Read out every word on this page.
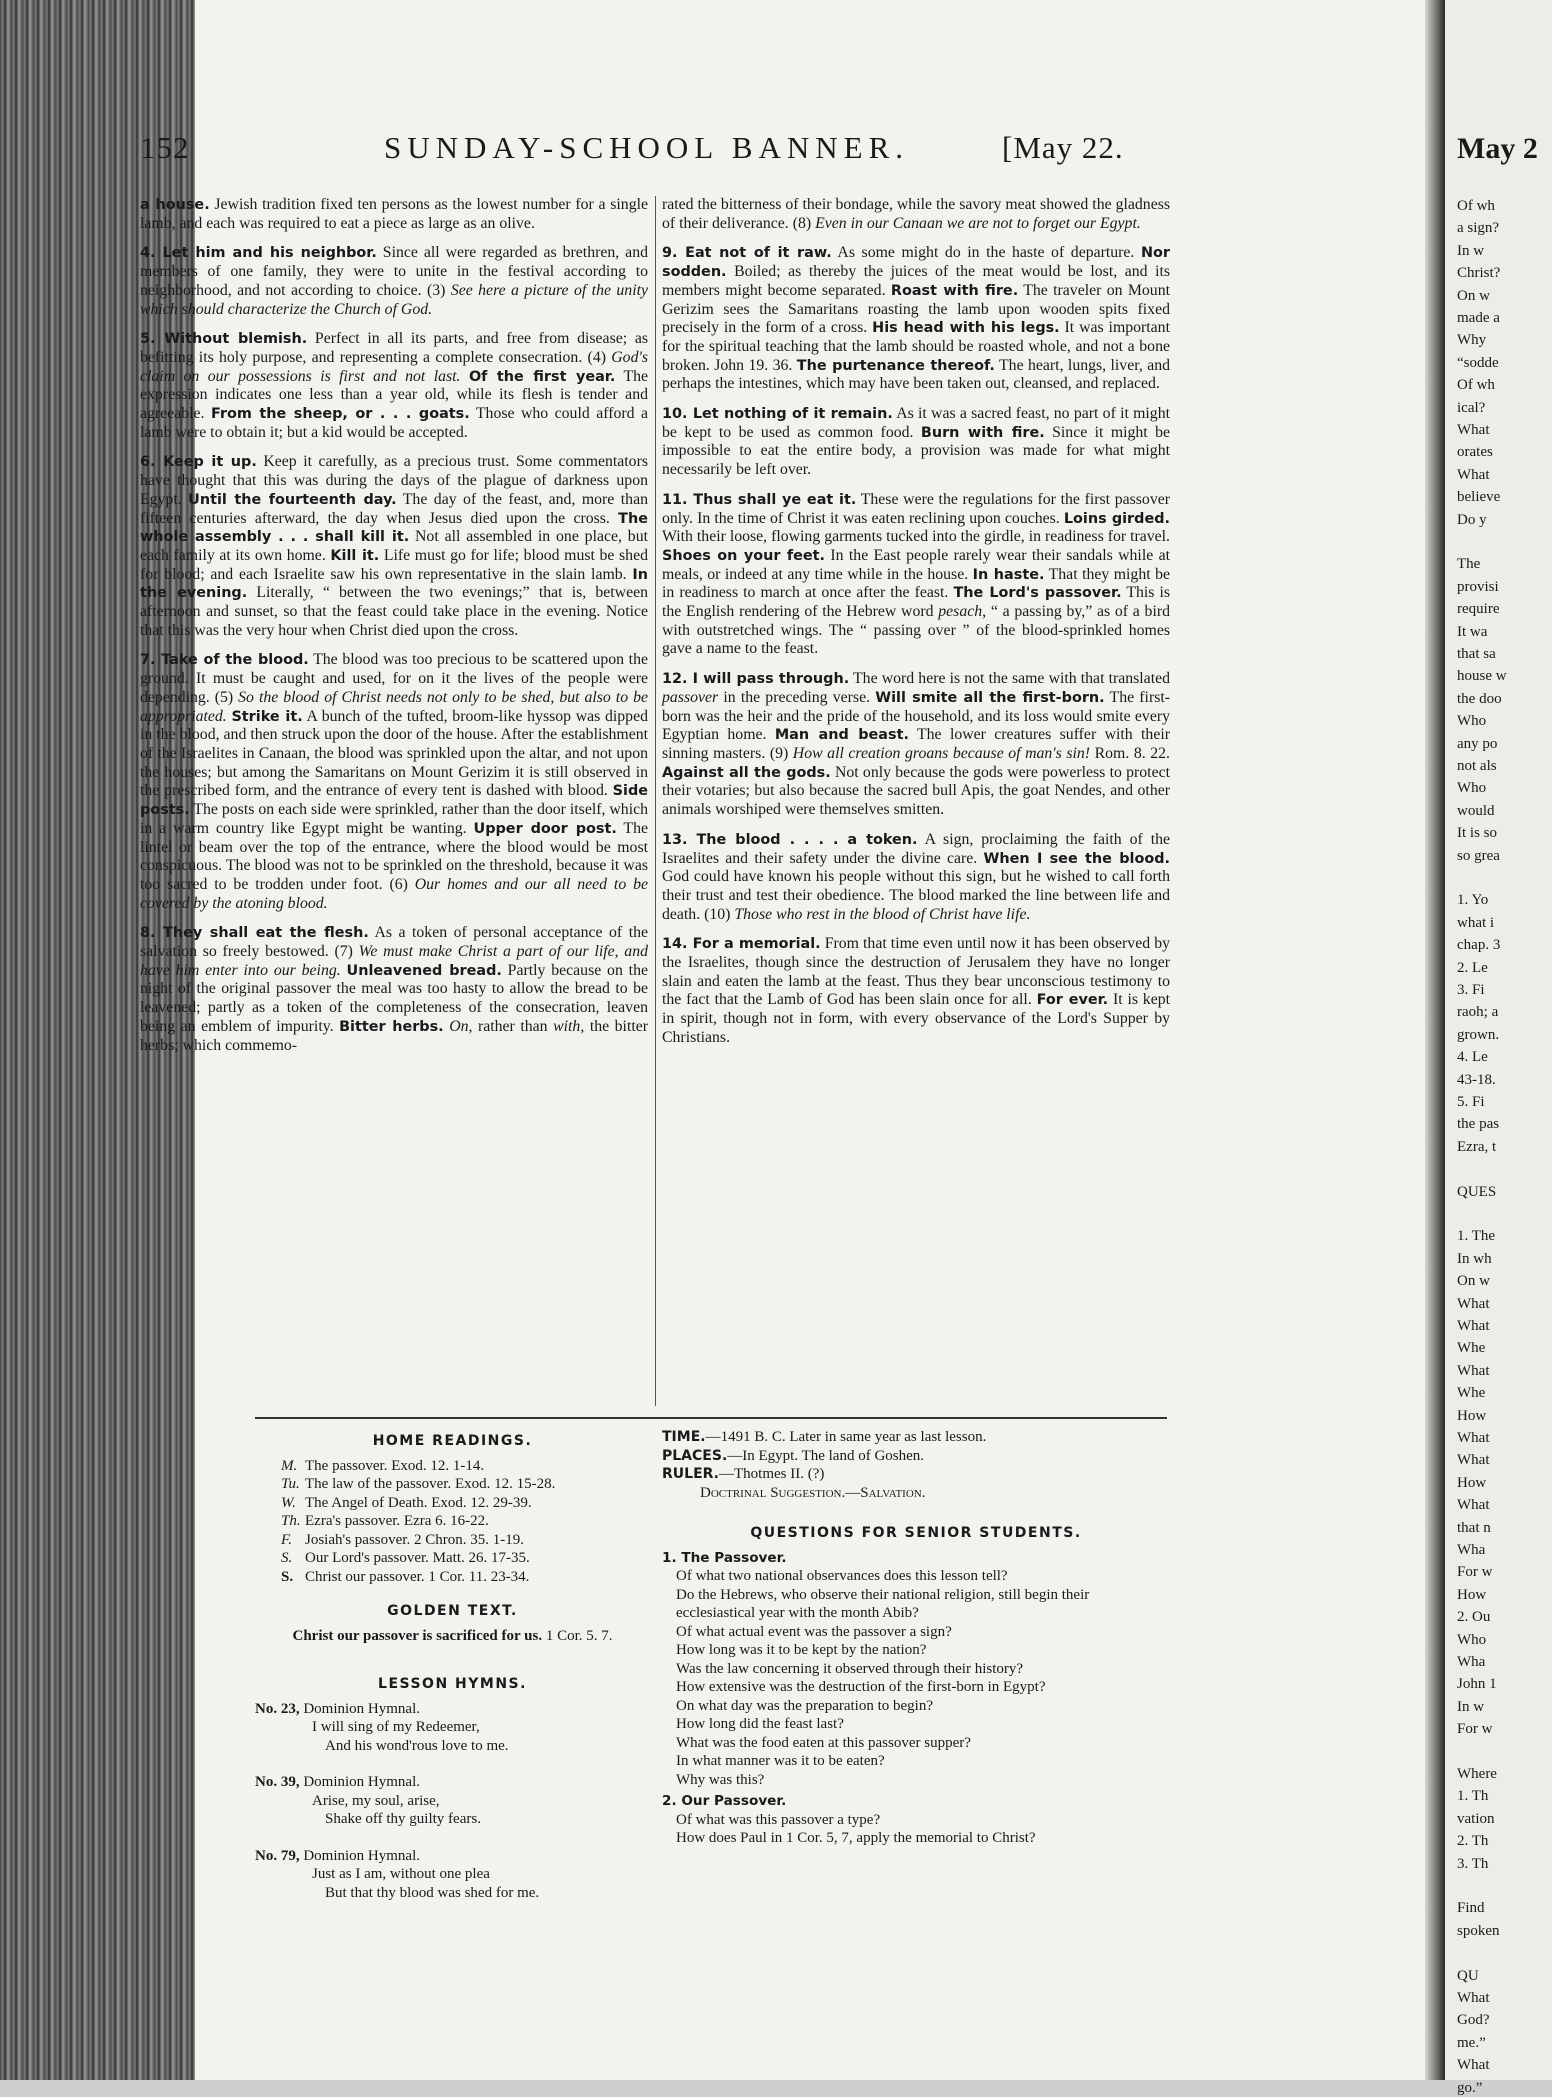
152	SUNDAY-SCHOOL BANNER.	[May 22.

a house. Jewish tradition fixed ten persons as the lowest number for a single lamb, and each was required to eat a piece as large as an olive.

4. Let him and his neighbor. Since all were regarded as brethren, and members of one family, they were to unite in the festival according to neighborhood, and not according to choice. (3) See here a picture of the unity which should characterize the Church of God.

5. Without blemish. Perfect in all its parts, and free from disease; as befitting its holy purpose, and representing a complete consecration. (4) God's claim on our possessions is first and not last. Of the first year. The expression indicates one less than a year old, while its flesh is tender and agreeable. From the sheep, or . . . goats. Those who could afford a lamb were to obtain it; but a kid would be accepted.

6. Keep it up. Keep it carefully, as a precious trust. Some commentators have thought that this was during the days of the plague of darkness upon Egypt. Until the fourteenth day. The day of the feast, and, more than fifteen centuries afterward, the day when Jesus died upon the cross. The whole assembly . . . shall kill it. Not all assembled in one place, but each family at its own home. Kill it. Life must go for life; blood must be shed for blood; and each Israelite saw his own representative in the slain lamb. In the evening. Literally, “ between the two evenings;” that is, between afternoon and sunset, so that the feast could take place in the evening. Notice that this was the very hour when Christ died upon the cross.

7. Take of the blood. The blood was too precious to be scattered upon the ground. It must be caught and used, for on it the lives of the people were depending. (5) So the blood of Christ needs not only to be shed, but also to be appropriated. Strike it. A bunch of the tufted, broom-like hyssop was dipped in the blood, and then struck upon the door of the house. After the establishment of the Israelites in Canaan, the blood was sprinkled upon the altar, and not upon the houses; but among the Samaritans on Mount Gerizim it is still observed in the prescribed form, and the entrance of every tent is dashed with blood. Side posts. The posts on each side were sprinkled, rather than the door itself, which in a warm country like Egypt might be wanting. Upper door post. The lintel or beam over the top of the entrance, where the blood would be most conspicuous. The blood was not to be sprinkled on the threshold, because it was too sacred to be trodden under foot. (6) Our homes and our all need to be covered by the atoning blood.

8. They shall eat the flesh. As a token of personal acceptance of the salvation so freely bestowed. (7) We must make Christ a part of our life, and have him enter into our being. Unleavened bread. Partly because on the night of the original passover the meal was too hasty to allow the bread to be leavened; partly as a token of the completeness of the consecration, leaven being an emblem of impurity. Bitter herbs. On, rather than with, the bitter herbs; which commemo-

rated the bitterness of their bondage, while the savory meat showed the gladness of their deliverance. (8) Even in our Canaan we are not to forget our Egypt.

9. Eat not of it raw. As some might do in the haste of departure. Nor sodden. Boiled; as thereby the juices of the meat would be lost, and its members might become separated. Roast with fire. The traveler on Mount Gerizim sees the Samaritans roasting the lamb upon wooden spits fixed precisely in the form of a cross. His head with his legs. It was important for the spiritual teaching that the lamb should be roasted whole, and not a bone broken. John 19. 36. The purtenance thereof. The heart, lungs, liver, and perhaps the intestines, which may have been taken out, cleansed, and replaced.

10. Let nothing of it remain. As it was a sacred feast, no part of it might be kept to be used as common food. Burn with fire. Since it might be impossible to eat the entire body, a provision was made for what might necessarily be left over.

11. Thus shall ye eat it. These were the regulations for the first passover only. In the time of Christ it was eaten reclining upon couches. Loins girded. With their loose, flowing garments tucked into the girdle, in readiness for travel. Shoes on your feet. In the East people rarely wear their sandals while at meals, or indeed at any time while in the house. In haste. That they might be in readiness to march at once after the feast. The Lord's passover. This is the English rendering of the Hebrew word pesach, “ a passing by,” as of a bird with outstretched wings. The “ passing over ” of the blood-sprinkled homes gave a name to the feast.

12. I will pass through. The word here is not the same with that translated passover in the preceding verse. Will smite all the first-born. The first-born was the heir and the pride of the household, and its loss would smite every Egyptian home. Man and beast. The lower creatures suffer with their sinning masters. (9) How all creation groans because of man's sin! Rom. 8. 22. Against all the gods. Not only because the gods were powerless to protect their votaries; but also because the sacred bull Apis, the goat Nendes, and other animals worshiped were themselves smitten.

13. The blood . . . . a token. A sign, proclaiming the faith of the Israelites and their safety under the divine care. When I see the blood. God could have known his people without this sign, but he wished to call forth their trust and test their obedience. The blood marked the line between life and death. (10) Those who rest in the blood of Christ have life.

14. For a memorial. From that time even until now it has been observed by the Israelites, though since the destruction of Jerusalem they have no longer slain and eaten the lamb at the feast. Thus they bear unconscious testimony to the fact that the Lamb of God has been slain once for all. For ever. It is kept in spirit, though not in form, with every observance of the Lord's Supper by Christians.

HOME READINGS.
M. The passover. Exod. 12. 1-14.
Tu. The law of the passover. Exod. 12. 15-28.
W. The Angel of Death. Exod. 12. 29-39.
Th. Ezra's passover. Ezra 6. 16-22.
F. Josiah's passover. 2 Chron. 35. 1-19.
S. Our Lord's passover. Matt. 26. 17-35.
S. Christ our passover. 1 Cor. 11. 23-34.
GOLDEN TEXT.
Christ our passover is sacrificed for us. 1 Cor. 5. 7.
LESSON HYMNS.
No. 23, Dominion Hymnal.
I will sing of my Redeemer,
And his wond'rous love to me.
No. 39, Dominion Hymnal.
Arise, my soul, arise,
Shake off thy guilty fears.
No. 79, Dominion Hymnal.
Just as I am, without one plea
But that thy blood was shed for me.
TIME.—1491 B. C. Later in same year as last lesson.
PLACES.—In Egypt. The land of Goshen.
RULER.—Thotmes II. (?)
Doctrinal Suggestion.—Salvation.
QUESTIONS FOR SENIOR STUDENTS.
1. The Passover.
Of what two national observances does this lesson tell?
Do the Hebrews, who observe their national religion, still begin their ecclesiastical year with the month Abib?
Of what actual event was the passover a sign?
How long was it to be kept by the nation?
Was the law concerning it observed through their history?
How extensive was the destruction of the first-born in Egypt?
On what day was the preparation to begin?
How long did the feast last?
What was the food eaten at this passover supper?
In what manner was it to be eaten?
Why was this?
2. Our Passover.
Of what was this passover a type?
How does Paul in 1 Cor. 5, 7, apply the memorial to Christ?
May 2
Of wh
a sign?
In w
Christ?
On w
made a
Why
“sodde
Of wh
ical?
What
orates
What
believe
Do y
The
provisi
require
It wa
that sa
house w
the doo
Who
any po
not als
Who
would
It is so
so grea
1. Yo
what i
chap. 3
2. Le
3. Fi
raoh; a
grown.
4. Le
43-18.
5. Fi
the pas
Ezra, t
QUES
1. The
In wh
On w
What
What
Whe
What
Whe
How
What
What
How
What
that n
Wha
For w
How
2. Ou
Who
Wha
John 1
In w
For w
Where
1. Th
vation
2. Th
3. Th
Find
spoken
QU
What
God?
me.”
What
go.”
